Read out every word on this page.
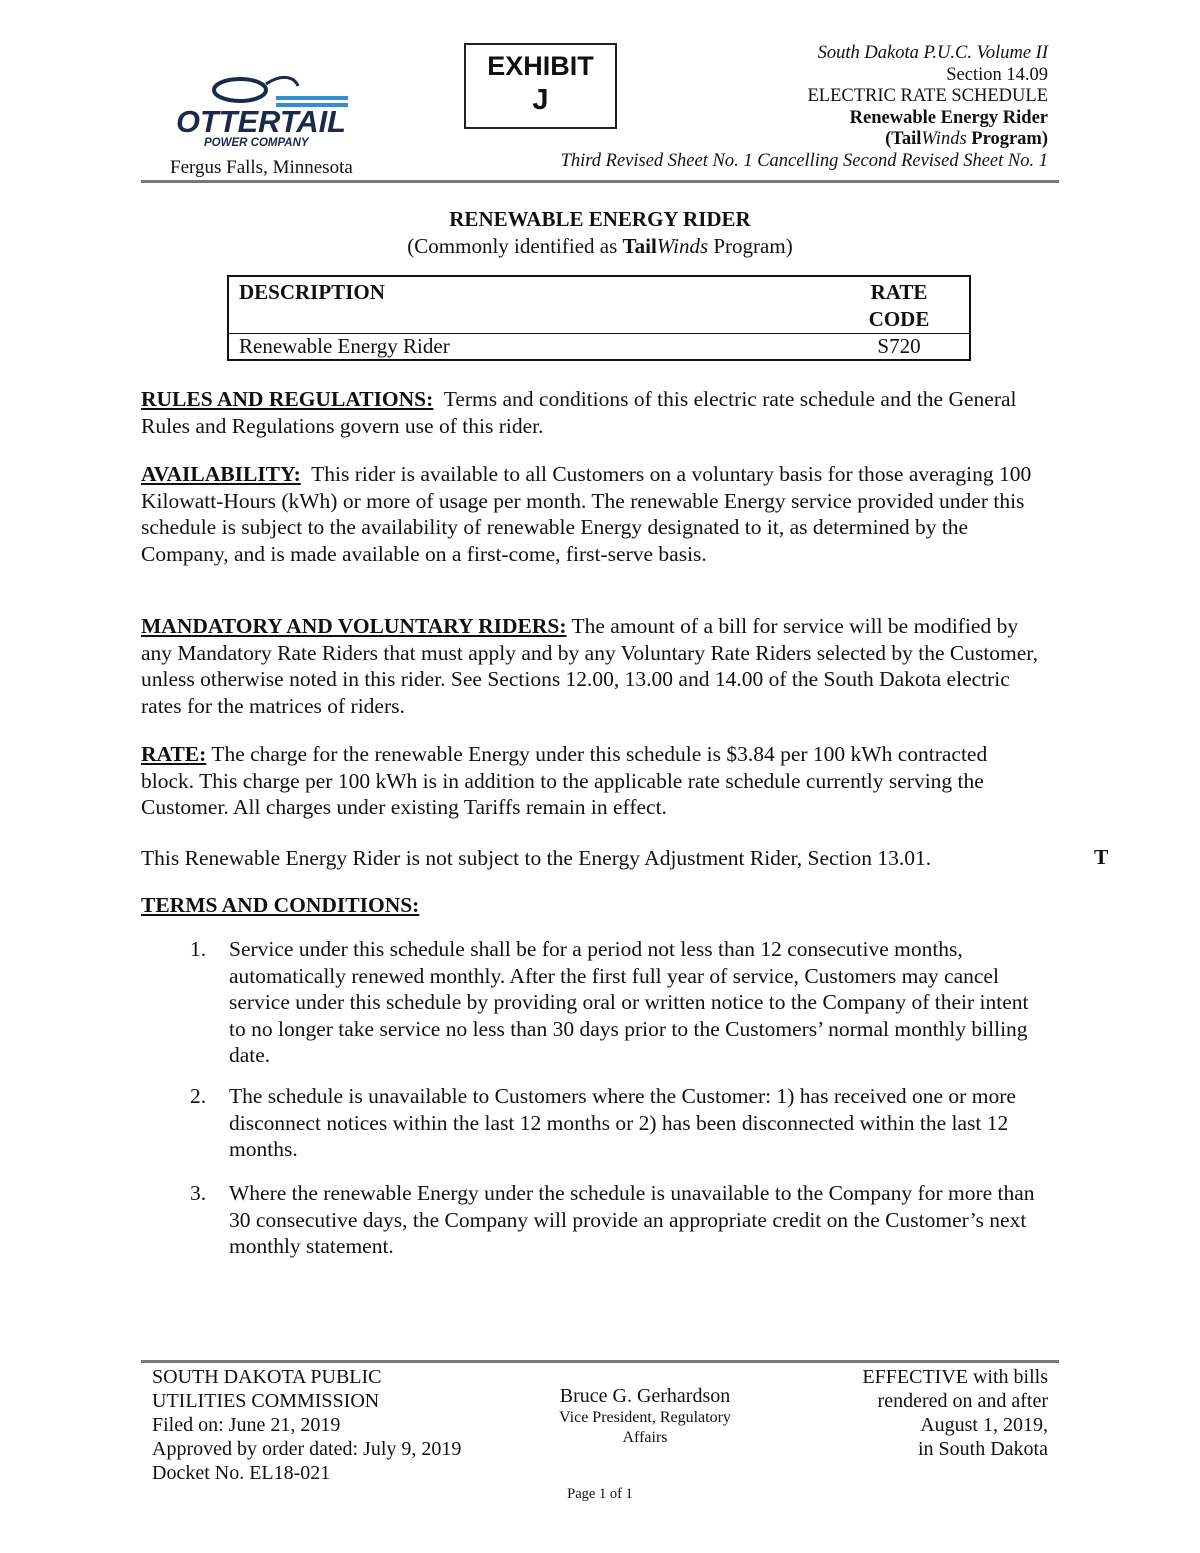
OTTERTAIL
POWER COMPANY
Fergus Falls, Minnesota
EXHIBIT
J
South Dakota P.U.C. Volume II
Section 14.09
ELECTRIC RATE SCHEDULE
Renewable Energy Rider
(TailWinds Program)
Third Revised Sheet No. 1 Cancelling Second Revised Sheet No. 1
RENEWABLE ENERGY RIDER
(Commonly identified as TailWinds Program)
DESCRIPTION	RATE
CODE
Renewable Energy Rider	S720
RULES AND REGULATIONS: Terms and conditions of this electric rate schedule and the General Rules and Regulations govern use of this rider.
AVAILABILITY: This rider is available to all Customers on a voluntary basis for those averaging 100 Kilowatt-Hours (kWh) or more of usage per month. The renewable Energy service provided under this schedule is subject to the availability of renewable Energy designated to it, as determined by the Company, and is made available on a first-come, first-serve basis.
MANDATORY AND VOLUNTARY RIDERS: The amount of a bill for service will be modified by any Mandatory Rate Riders that must apply and by any Voluntary Rate Riders selected by the Customer, unless otherwise noted in this rider. See Sections 12.00, 13.00 and 14.00 of the South Dakota electric rates for the matrices of riders.
RATE: The charge for the renewable Energy under this schedule is $3.84 per 100 kWh contracted block. This charge per 100 kWh is in addition to the applicable rate schedule currently serving the Customer. All charges under existing Tariffs remain in effect.
This Renewable Energy Rider is not subject to the Energy Adjustment Rider, Section 13.01.	T
TERMS AND CONDITIONS:
1. Service under this schedule shall be for a period not less than 12 consecutive months, automatically renewed monthly. After the first full year of service, Customers may cancel service under this schedule by providing oral or written notice to the Company of their intent to no longer take service no less than 30 days prior to the Customers’ normal monthly billing date.
2. The schedule is unavailable to Customers where the Customer: 1) has received one or more disconnect notices within the last 12 months or 2) has been disconnected within the last 12 months.
3. Where the renewable Energy under the schedule is unavailable to the Company for more than 30 consecutive days, the Company will provide an appropriate credit on the Customer’s next monthly statement.
SOUTH DAKOTA PUBLIC
UTILITIES COMMISSION
Filed on: June 21, 2019
Approved by order dated: July 9, 2019
Docket No. EL18-021
Bruce G. Gerhardson
Vice President, Regulatory
Affairs
EFFECTIVE with bills
rendered on and after
August 1, 2019,
in South Dakota
Page 1 of 1
